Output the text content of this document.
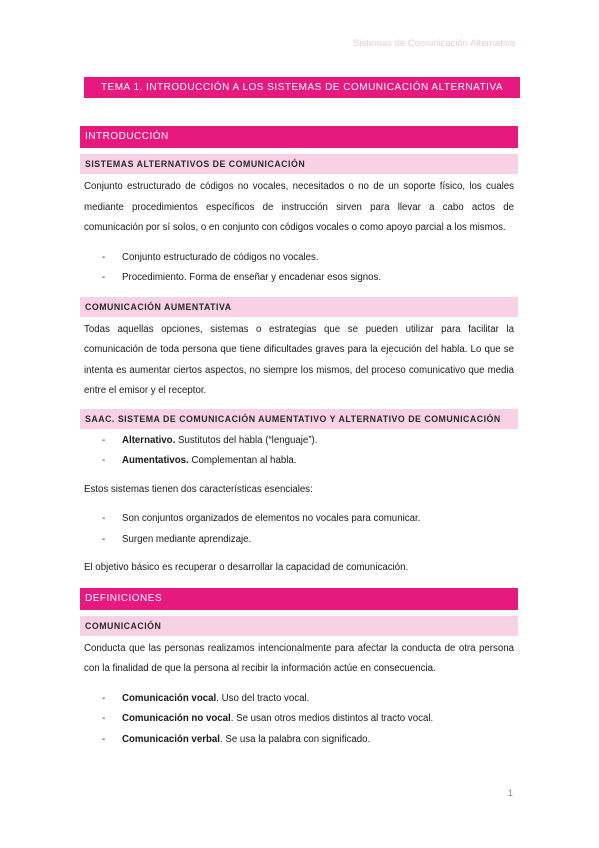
Sistemas de Comunicación Alternativa
TEMA 1. INTRODUCCIÓN A LOS SISTEMAS DE COMUNICACIÓN ALTERNATIVA
INTRODUCCIÓN
SISTEMAS ALTERNATIVOS DE COMUNICACIÓN
Conjunto estructurado de códigos no vocales, necesitados o no de un soporte físico, los cuales mediante procedimientos específicos de instrucción sirven para llevar a cabo actos de comunicación por sí solos, o en conjunto con códigos vocales o como apoyo parcial a los mismos.
- Conjunto estructurado de códigos no vocales.
- Procedimiento. Forma de enseñar y encadenar esos signos.
COMUNICACIÓN AUMENTATIVA
Todas aquellas opciones, sistemas o estrategias que se pueden utilizar para facilitar la comunicación de toda persona que tiene dificultades graves para la ejecución del habla. Lo que se intenta es aumentar ciertos aspectos, no siempre los mismos, del proceso comunicativo que media entre el emisor y el receptor.
SAAC. SISTEMA DE COMUNICACIÓN AUMENTATIVO Y ALTERNATIVO DE COMUNICACIÓN
- Alternativo. Sustitutos del habla (“lenguaje”).
- Aumentativos. Complementan al habla.
Estos sistemas tienen dos características esenciales:
- Son conjuntos organizados de elementos no vocales para comunicar.
- Surgen mediante aprendizaje.
El objetivo básico es recuperar o desarrollar la capacidad de comunicación.
DEFINICIONES
COMUNICACIÓN
Conducta que las personas realizamos intencionalmente para afectar la conducta de otra persona con la finalidad de que la persona al recibir la información actúe en consecuencia.
- Comunicación vocal. Uso del tracto vocal.
- Comunicación no vocal. Se usan otros medios distintos al tracto vocal.
- Comunicación verbal. Se usa la palabra con significado.
1
